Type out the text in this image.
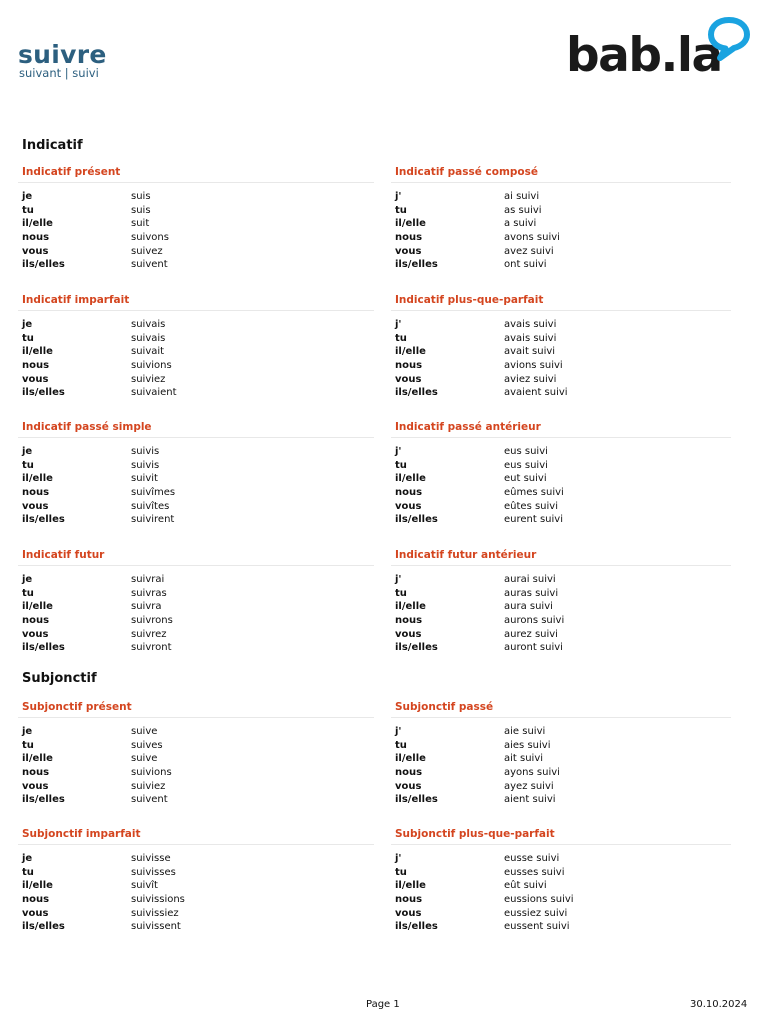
suivre
suivant | suivi	bab.la
Indicatif
Subjonctif
Indicatif présent
je	suis
tu	suis
il/elle	suit
nous	suivons
vous	suivez
ils/elles	suivent
Indicatif passé composé
j'	ai suivi
tu	as suivi
il/elle	a suivi
nous	avons suivi
vous	avez suivi
ils/elles	ont suivi
Indicatif imparfait
je	suivais
tu	suivais
il/elle	suivait
nous	suivions
vous	suiviez
ils/elles	suivaient
Indicatif plus-que-parfait
j'	avais suivi
tu	avais suivi
il/elle	avait suivi
nous	avions suivi
vous	aviez suivi
ils/elles	avaient suivi
Indicatif passé simple
je	suivis
tu	suivis
il/elle	suivit
nous	suivîmes
vous	suivîtes
ils/elles	suivirent
Indicatif passé antérieur
j'	eus suivi
tu	eus suivi
il/elle	eut suivi
nous	eûmes suivi
vous	eûtes suivi
ils/elles	eurent suivi
Indicatif futur
je	suivrai
tu	suivras
il/elle	suivra
nous	suivrons
vous	suivrez
ils/elles	suivront
Indicatif futur antérieur
j'	aurai suivi
tu	auras suivi
il/elle	aura suivi
nous	aurons suivi
vous	aurez suivi
ils/elles	auront suivi
Subjonctif présent
je	suive
tu	suives
il/elle	suive
nous	suivions
vous	suiviez
ils/elles	suivent
Subjonctif passé
j'	aie suivi
tu	aies suivi
il/elle	ait suivi
nous	ayons suivi
vous	ayez suivi
ils/elles	aient suivi
Subjonctif imparfait
je	suivisse
tu	suivisses
il/elle	suivît
nous	suivissions
vous	suivissiez
ils/elles	suivissent
Subjonctif plus-que-parfait
j'	eusse suivi
tu	eusses suivi
il/elle	eût suivi
nous	eussions suivi
vous	eussiez suivi
ils/elles	eussent suivi
Page 1	30.10.2024
